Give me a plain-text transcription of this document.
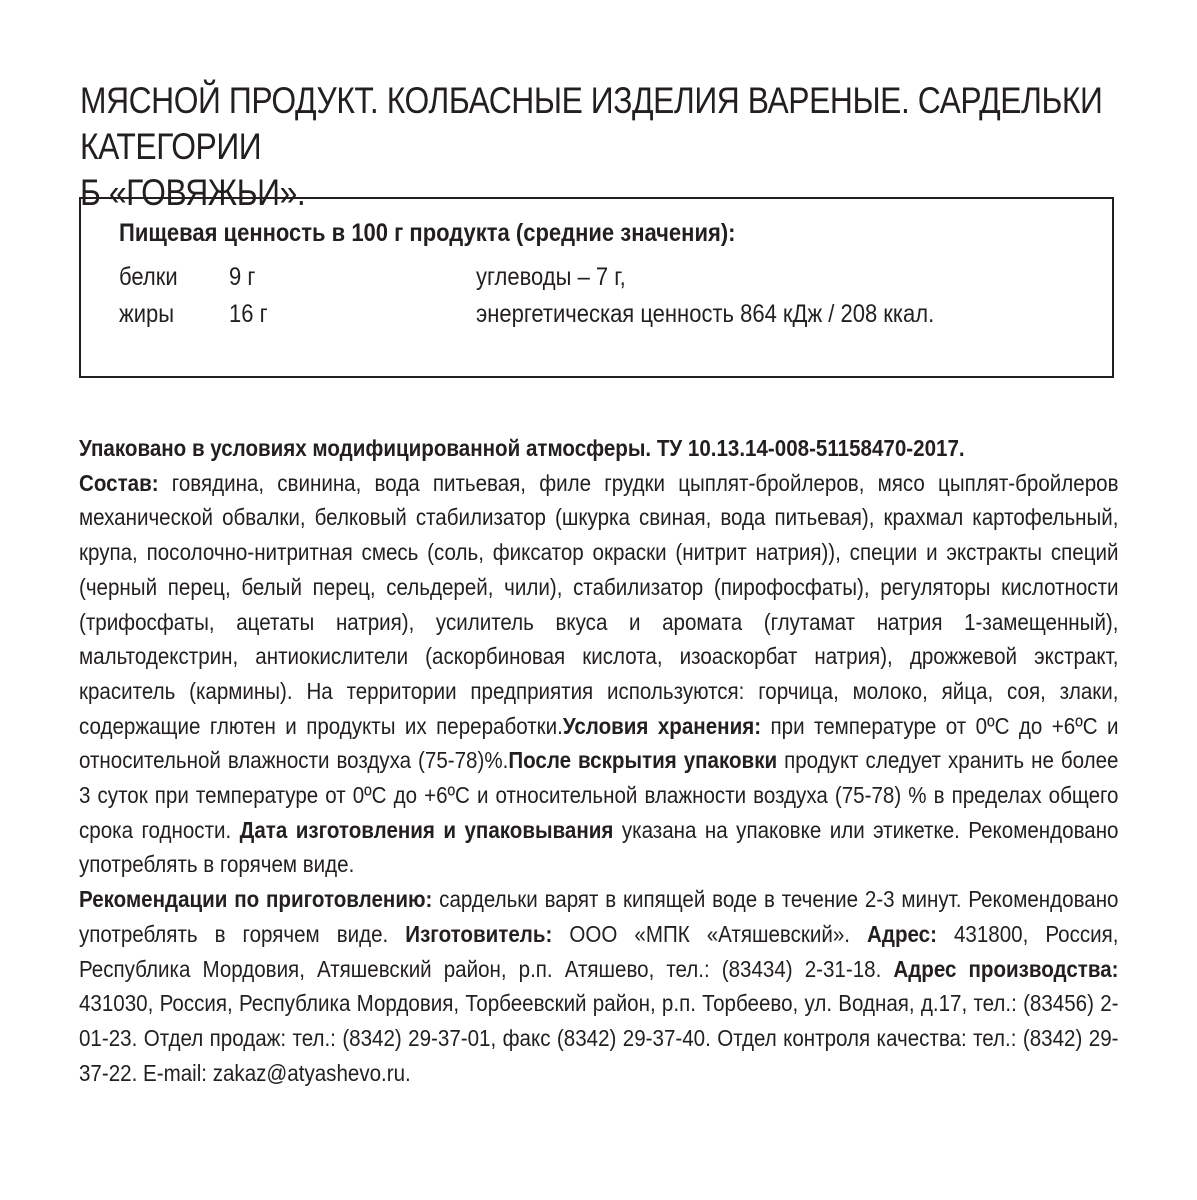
МЯСНОЙ ПРОДУКТ. КОЛБАСНЫЕ ИЗДЕЛИЯ ВАРЕНЫЕ. САРДЕЛЬКИ КАТЕГОРИИ
Б «ГОВЯЖЬИ».
Пищевая ценность в 100 г продукта (средние значения):
белки 9 г
жиры 16 г
углеводы – 7 г,
энергетическая ценность 864 кДж / 208 ккал.

Упаковано в условиях модифицированной атмосферы. ТУ 10.13.14-008-51158470-2017.
Состав: говядина, свинина, вода питьевая, филе грудки цыплят-бройлеров, мясо цыплят-бройлеров механической обвалки, белковый стабилизатор (шкурка свиная, вода питьевая), крахмал картофельный, крупа, посолочно-нитритная смесь (соль, фиксатор окраски (нитрит натрия)), специи и экстракты специй (черный перец, белый перец, сельдерей, чили), стабилизатор (пирофосфаты), регуляторы кислотности (трифосфаты, ацетаты натрия), усилитель вкуса и аромата (глутамат натрия 1-замещенный), мальтодекстрин, антиокислители (аскорбиновая кислота, изоаскорбат натрия), дрожжевой экстракт, краситель (кармины). На территории предприятия используются: горчица, молоко, яйца, соя, злаки, содержащие глютен и продукты их переработки.Условия хранения: при температуре от 0ºС до +6ºС и относительной влажности воздуха (75-78)%.После вскрытия упаковки продукт следует хранить не более 3 суток при температуре от 0ºС до +6ºС и относительной влажности воздуха (75-78) % в пределах общего срока годности. Дата изготовления и упаковывания указана на упаковке или этикетке. Рекомендовано употреблять в горячем виде.
Рекомендации по приготовлению: сардельки варят в кипящей воде в течение 2-3 минут. Рекомендовано употреблять в горячем виде. Изготовитель: ООО «МПК «Атяшевский». Адрес: 431800, Россия, Республика Мордовия, Атяшевский район, р.п. Атяшево, тел.: (83434) 2-31-18. Адрес производства: 431030, Россия, Республика Мордовия, Торбеевский район, р.п. Торбеево, ул. Водная, д.17, тел.: (83456) 2-01-23. Отдел продаж: тел.: (8342) 29-37-01, факс (8342) 29-37-40. Отдел контроля качества: тел.: (8342) 29-37-22. E-mail: zakaz@atyashevo.ru.
